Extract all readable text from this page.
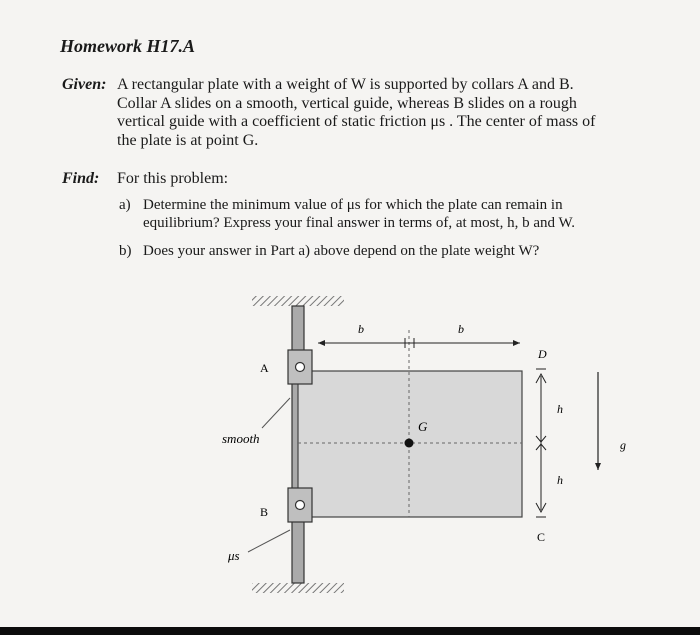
Homework H17.A
Given: A rectangular plate with a weight of W is supported by collars A and B.
Collar A slides on a smooth, vertical guide, whereas B slides on a rough
vertical guide with a coefficient of static friction μs . The center of mass of
the plate is at point G.
Find: For this problem:
a) Determine the minimum value of μs for which the plate can remain in
equilibrium? Express your final answer in terms of, at most, h, b and W.
b) Does your answer in Part a) above depend on the plate weight W?
G
A
B
smooth
μs
b	b
D
h
h
C
g
